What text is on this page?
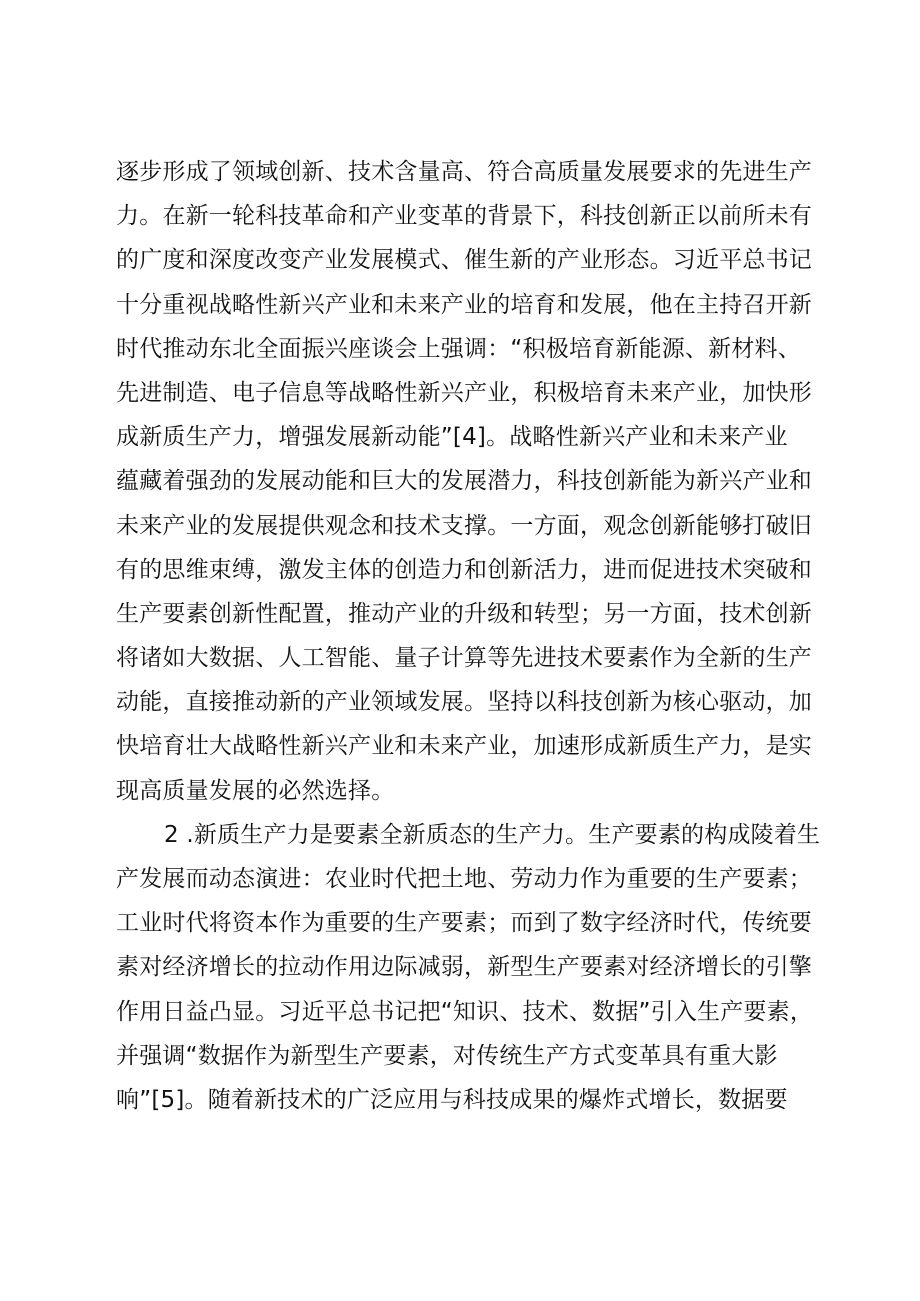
逐步形成了领域创新、技术含量高、符合高质量发展要求的先进生产
力。在新一轮科技革命和产业变革的背景下，科技创新正以前所未有
的广度和深度改变产业发展模式、催生新的产业形态。习近平总书记
十分重视战略性新兴产业和未来产业的培育和发展，他在主持召开新
时代推动东北全面振兴座谈会上强调：“积极培育新能源、新材料、
先进制造、电子信息等战略性新兴产业，积极培育未来产业，加快形
成新质生产力，增强发展新动能”[4]。战略性新兴产业和未来产业
蕴藏着强劲的发展动能和巨大的发展潜力，科技创新能为新兴产业和
未来产业的发展提供观念和技术支撑。一方面，观念创新能够打破旧
有的思维束缚，激发主体的创造力和创新活力，进而促进技术突破和
生产要素创新性配置，推动产业的升级和转型；另一方面，技术创新
将诸如大数据、人工智能、量子计算等先进技术要素作为全新的生产
动能，直接推动新的产业领域发展。坚持以科技创新为核心驱动，加
快培育壮大战略性新兴产业和未来产业，加速形成新质生产力，是实
现高质量发展的必然选择。
2 .新质生产力是要素全新质态的生产力。生产要素的构成陵着生
产发展而动态演进：农业时代把土地、劳动力作为重要的生产要素；
工业时代将资本作为重要的生产要素；而到了数字经济时代，传统要
素对经济增长的拉动作用边际减弱，新型生产要素对经济增长的引擎
作用日益凸显。习近平总书记把“知识、技术、数据”引入生产要素，
并强调“数据作为新型生产要素，对传统生产方式变革具有重大影
响”[5]。随着新技术的广泛应用与科技成果的爆炸式增长，数据要
